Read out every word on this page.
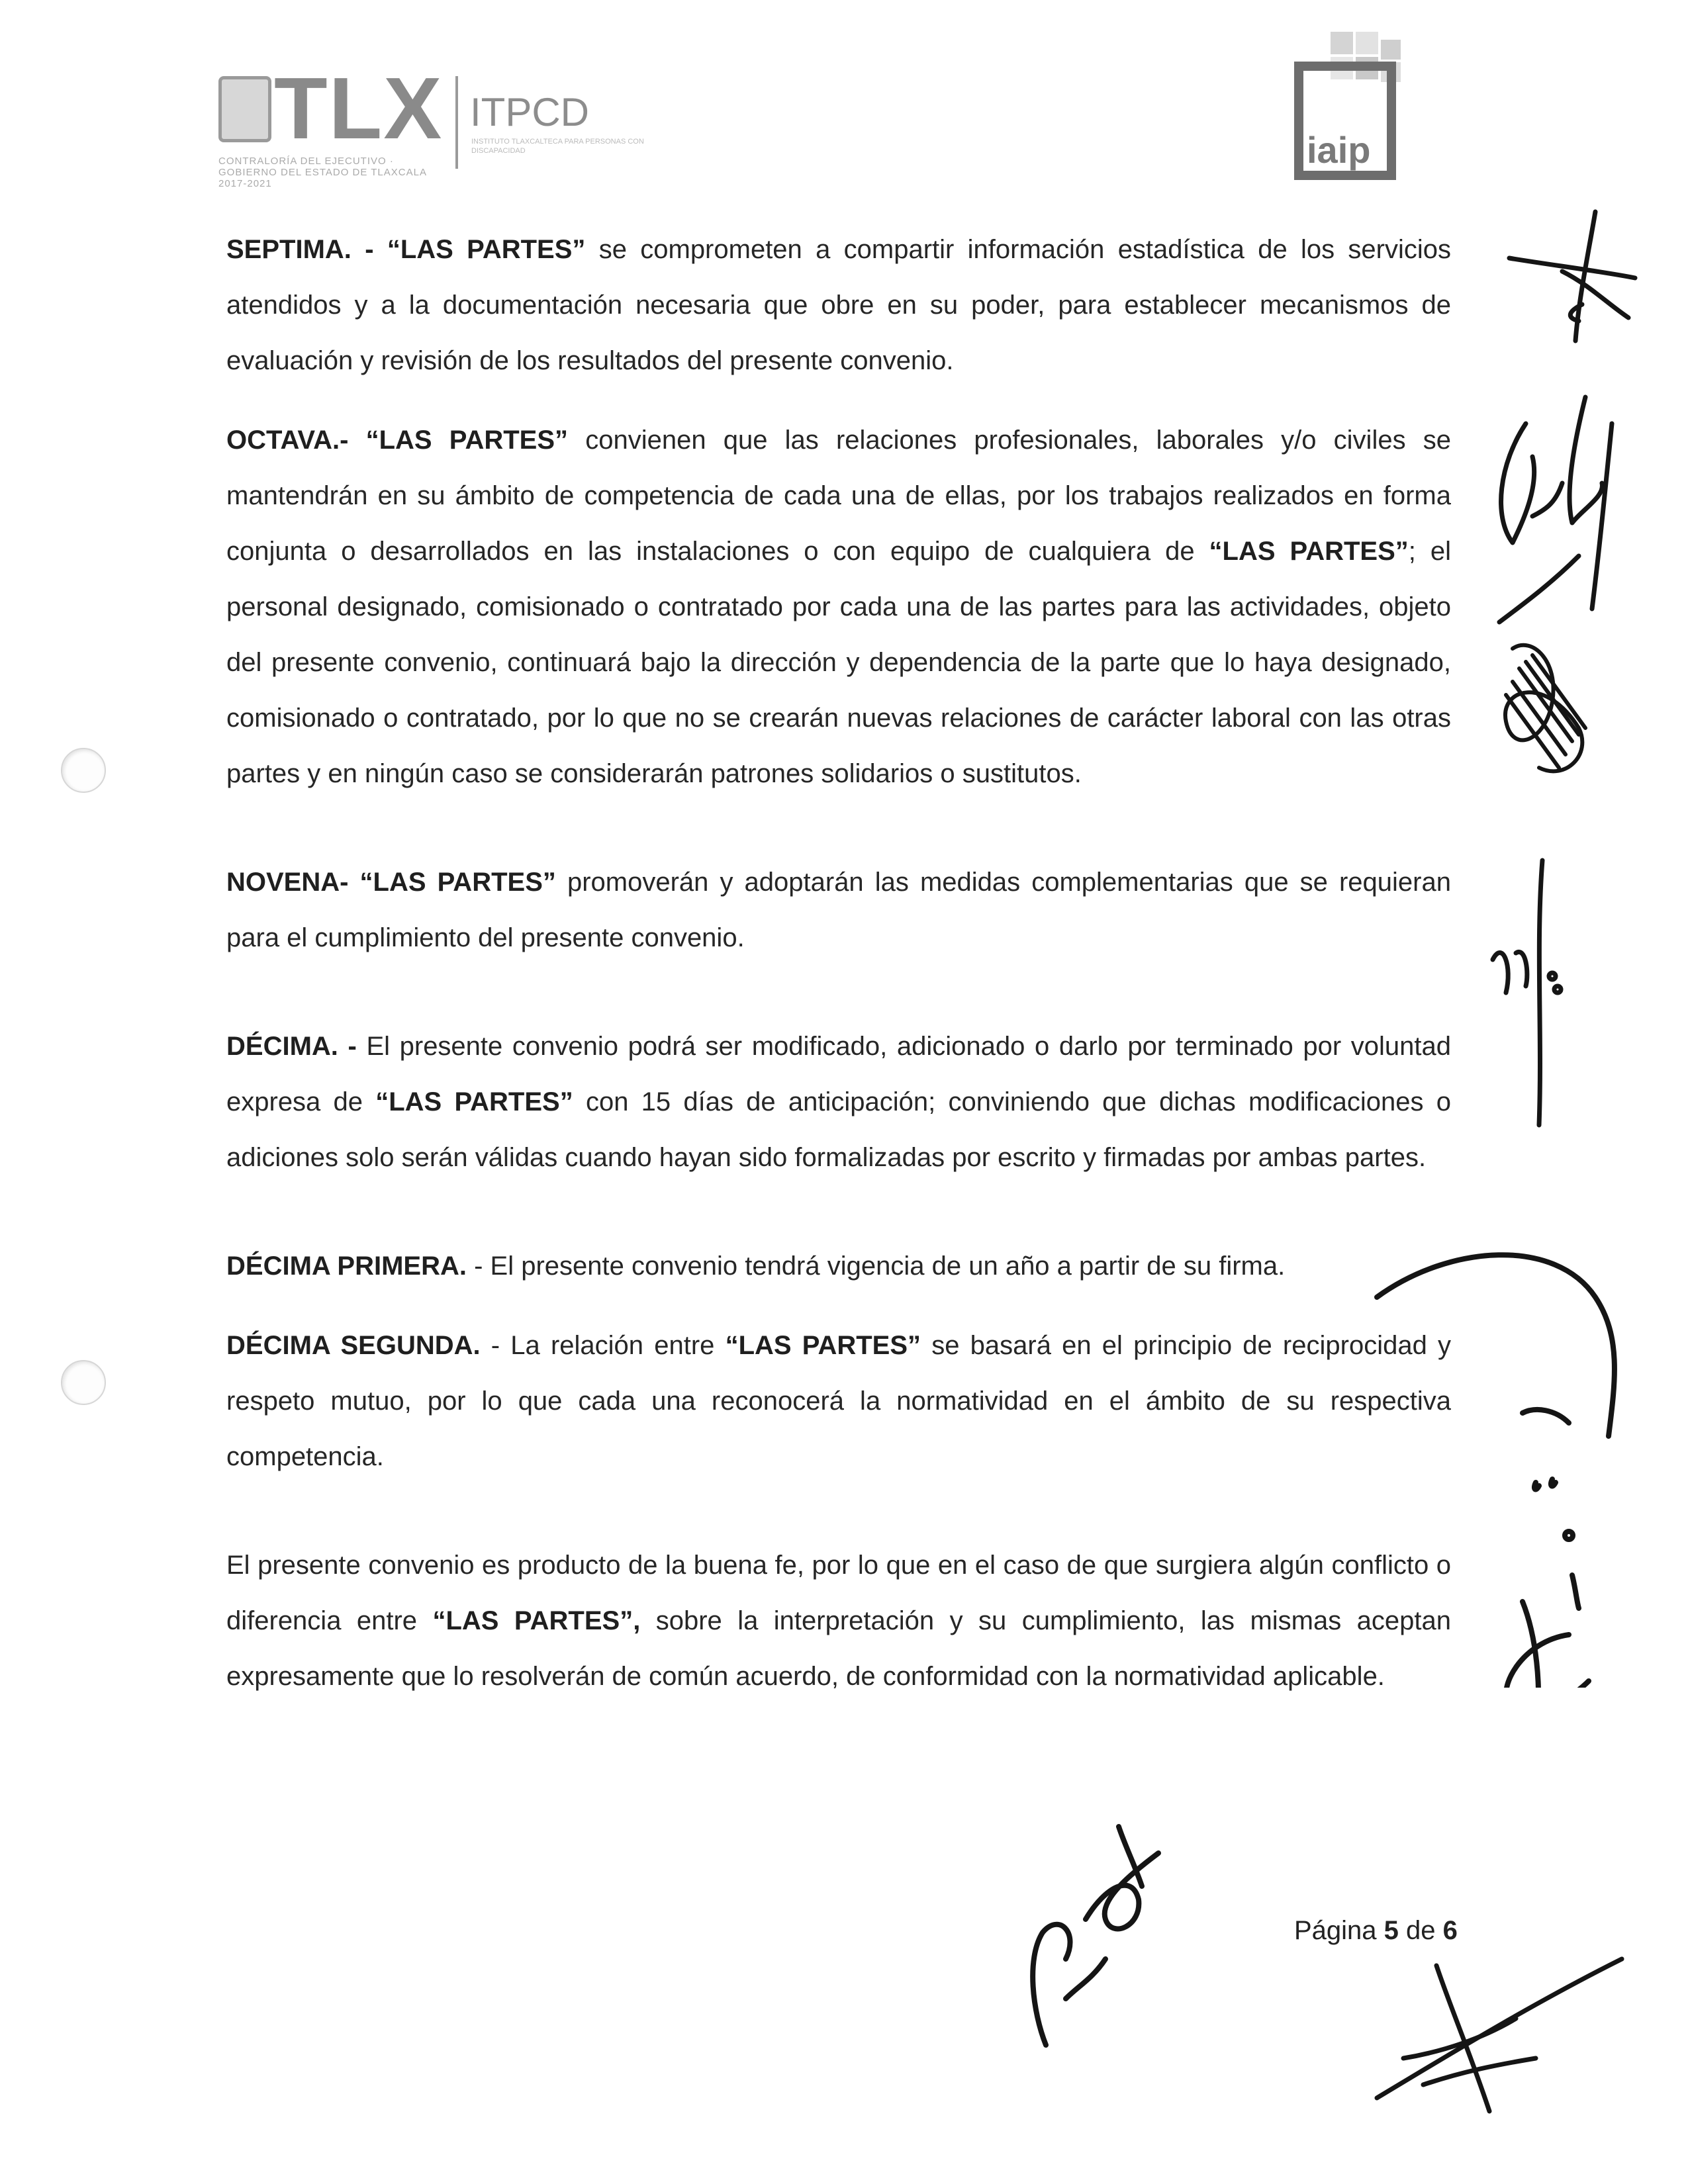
TLX
CONTRALORÍA DEL EJECUTIVO · GOBIERNO DEL ESTADO DE TLAXCALA 2017-2021
ITPCD
INSTITUTO TLAXCALTECA PARA PERSONAS CON DISCAPACIDAD	iaip

SEPTIMA. - “LAS PARTES” se comprometen a compartir información estadística de los servicios atendidos y a la documentación necesaria que obre en su poder, para establecer mecanismos de evaluación y revisión de los resultados del presente convenio.

OCTAVA.- “LAS PARTES” convienen que las relaciones profesionales, laborales y/o civiles se mantendrán en su ámbito de competencia de cada una de ellas, por los trabajos realizados en forma conjunta o desarrollados en las instalaciones o con equipo de cualquiera de “LAS PARTES”; el personal designado, comisionado o contratado por cada una de las partes para las actividades, objeto del presente convenio, continuará bajo la dirección y dependencia de la parte que lo haya designado, comisionado o contratado, por lo que no se crearán nuevas relaciones de carácter laboral con las otras partes y en ningún caso se considerarán patrones solidarios o sustitutos.

NOVENA- “LAS PARTES” promoverán y adoptarán las medidas complementarias que se requieran para el cumplimiento del presente convenio.

DÉCIMA. - El presente convenio podrá ser modificado, adicionado o darlo por terminado por voluntad expresa de “LAS PARTES” con 15 días de anticipación; conviniendo que dichas modificaciones o adiciones solo serán válidas cuando hayan sido formalizadas por escrito y firmadas por ambas partes.

DÉCIMA PRIMERA. - El presente convenio tendrá vigencia de un año a partir de su firma.

DÉCIMA SEGUNDA. - La relación entre “LAS PARTES” se basará en el principio de reciprocidad y respeto mutuo, por lo que cada una reconocerá la normatividad en el ámbito de su respectiva competencia.

El presente convenio es producto de la buena fe, por lo que en el caso de que surgiera algún conflicto o diferencia entre “LAS PARTES”, sobre la interpretación y su cumplimiento, las mismas aceptan expresamente que lo resolverán de común acuerdo, de conformidad con la normatividad aplicable.

Página 5 de 6
